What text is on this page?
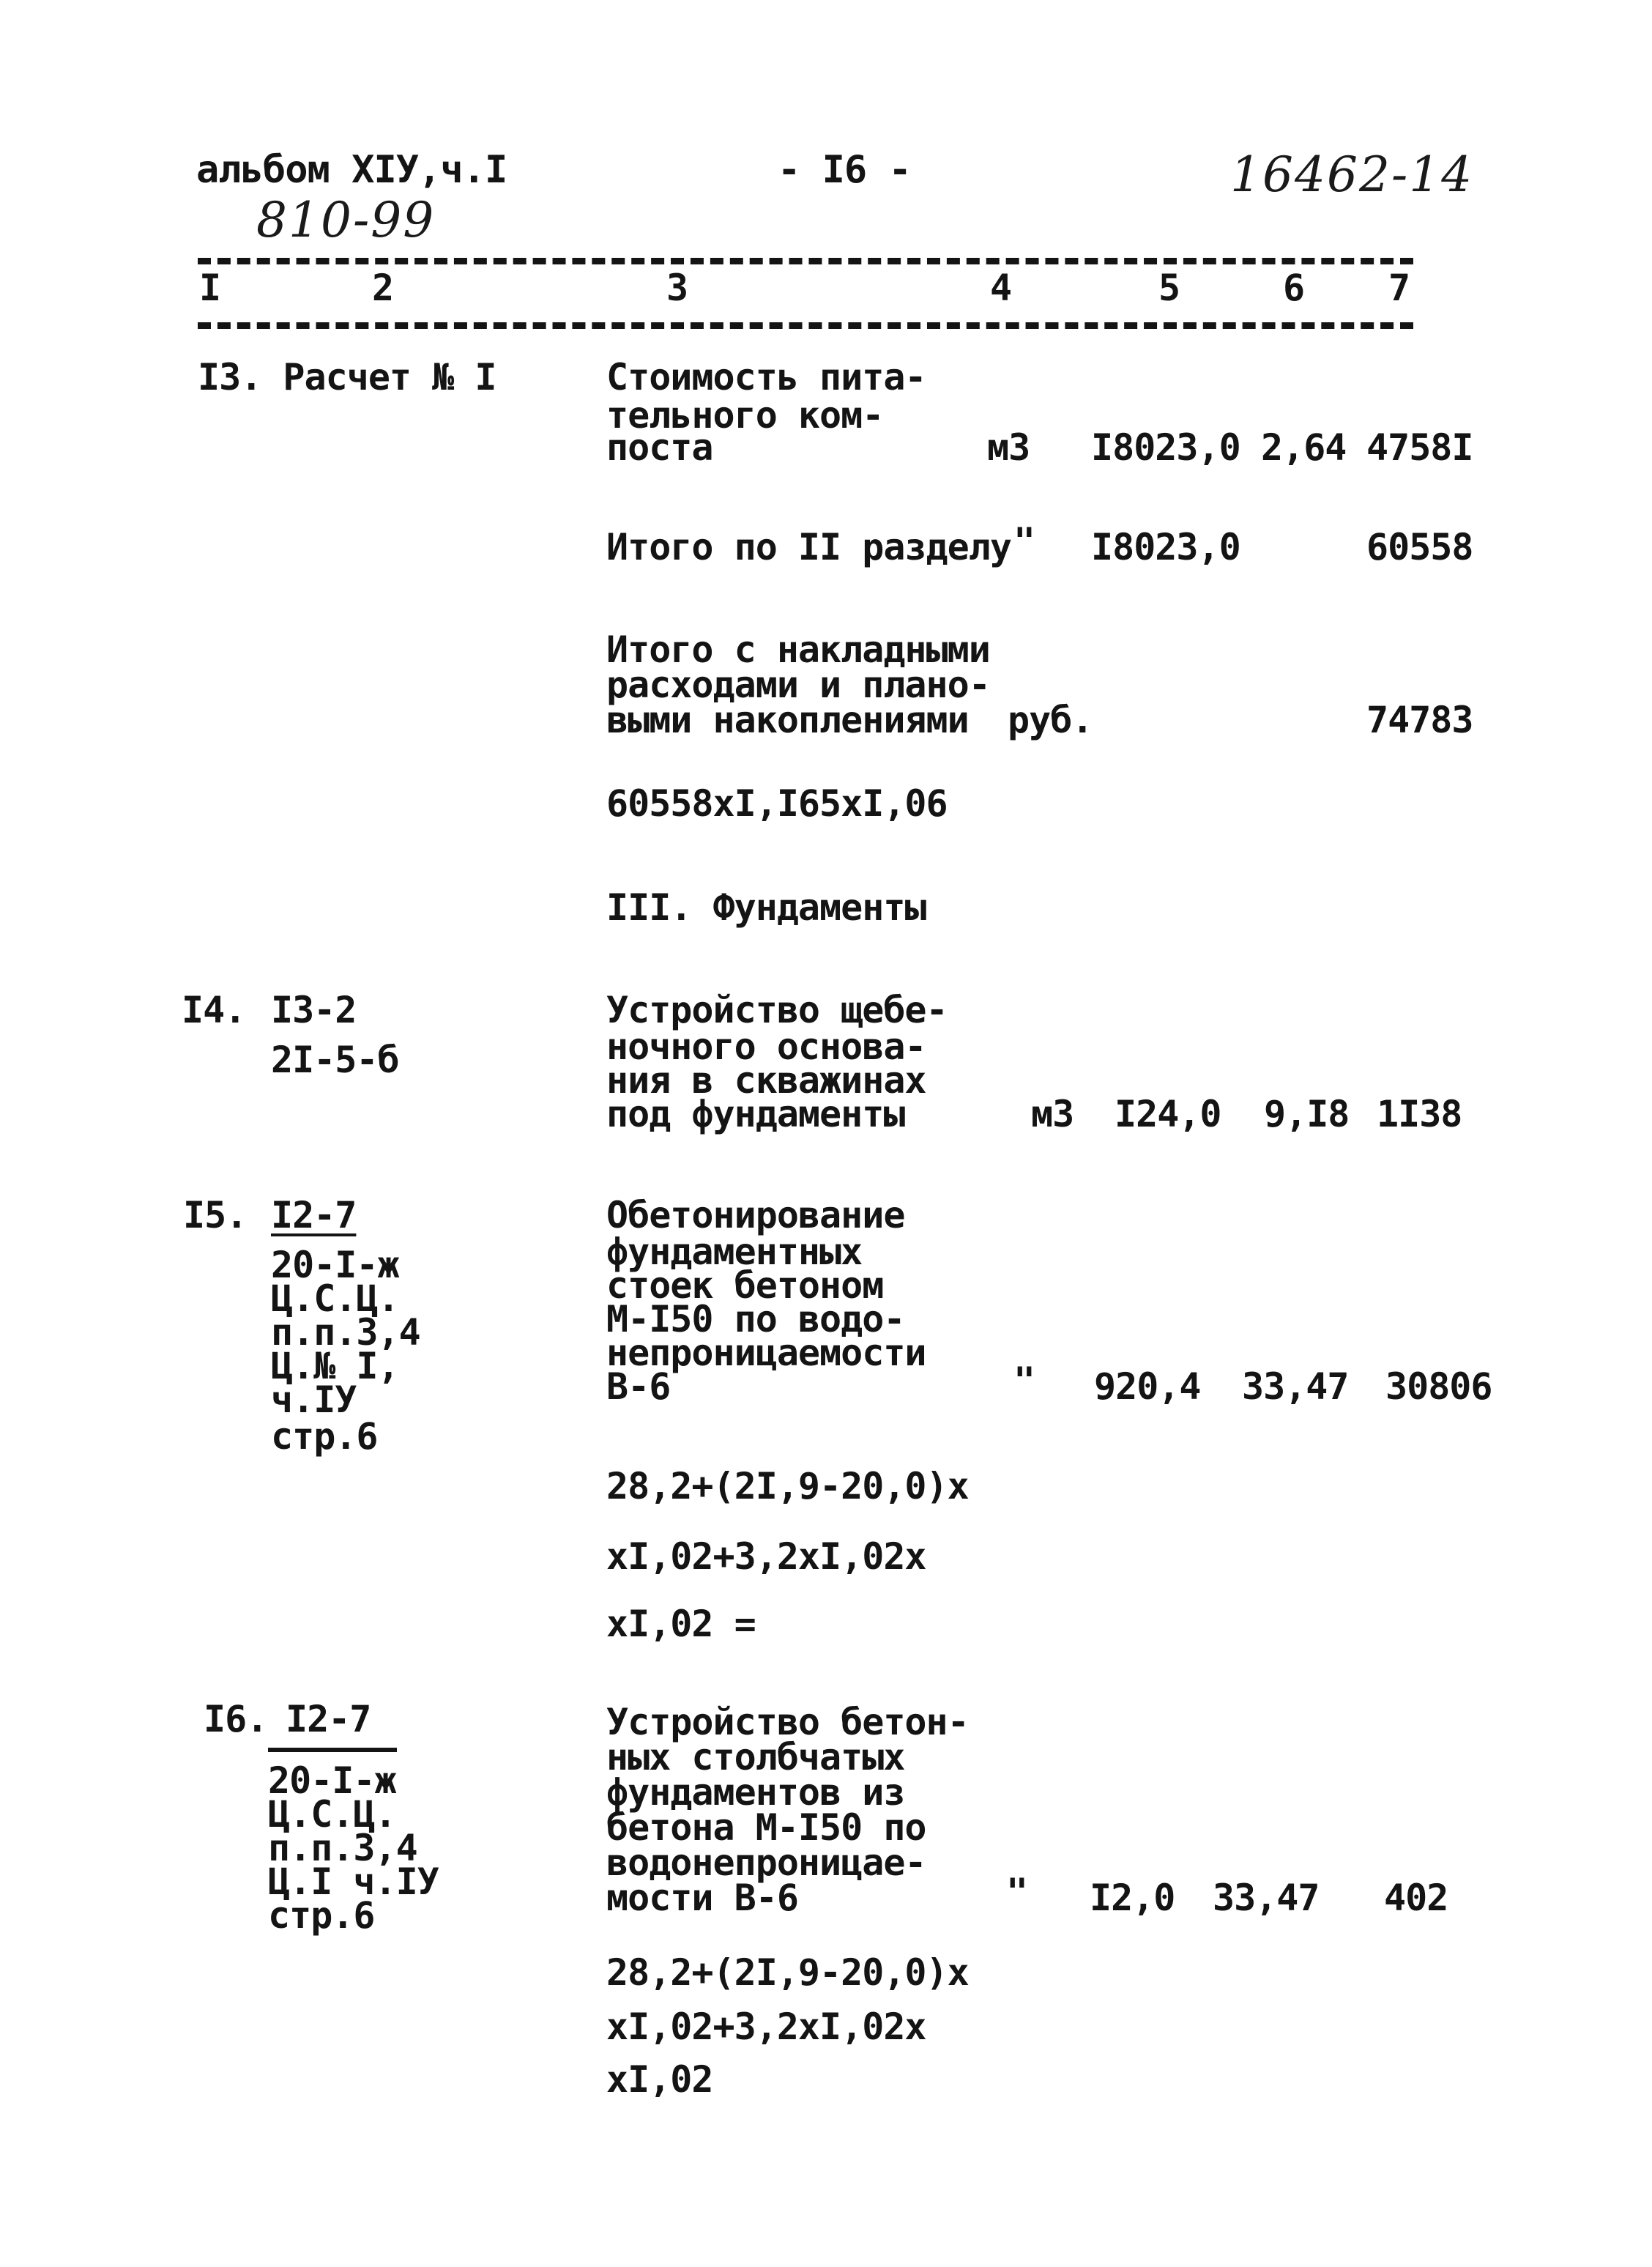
альбом XIУ,ч.I	- I6 -	16462-14
810-99
I	2	3	4	5	6 7
I3. Расчет № I	Стоимость пита-
тельного ком-
поста	м3 I8023,0 2,64 4758I
Итого по II разделу " I8023,0	60558
Итого с накладными
расходами и плано-
выми накоплениями руб.	74783
60558хI,I65хI,06
III. Фундаменты
I4. I3-2
2I-5-б
Устройство щебе-
ночного основа-
ния в скважинах
под фундаменты	м3 I24,0 9,I8 1I38
I5. I2-7
20-I-ж
Ц.С.Ц.
п.п.3,4
Ц.№ I,
ч.IУ
стр.6
Обетонирование
фундаментных
стоек бетоном
М-I50 по водо-
непроницаемости
В-6	" 920,4 33,47 30806
28,2+(2I,9-20,0)х
хI,02+3,2хI,02х
хI,02 =
I6. I2-7
20-I-ж
Ц.С.Ц.
п.п.3,4
Ц.I ч.IУ
стр.6
Устройство бетон-
ных столбчатых
фундаментов из
бетона М-I50 по
водонепроницае-
мости В-6	" I2,0 33,47 402
28,2+(2I,9-20,0)х
хI,02+3,2хI,02х
хI,02
